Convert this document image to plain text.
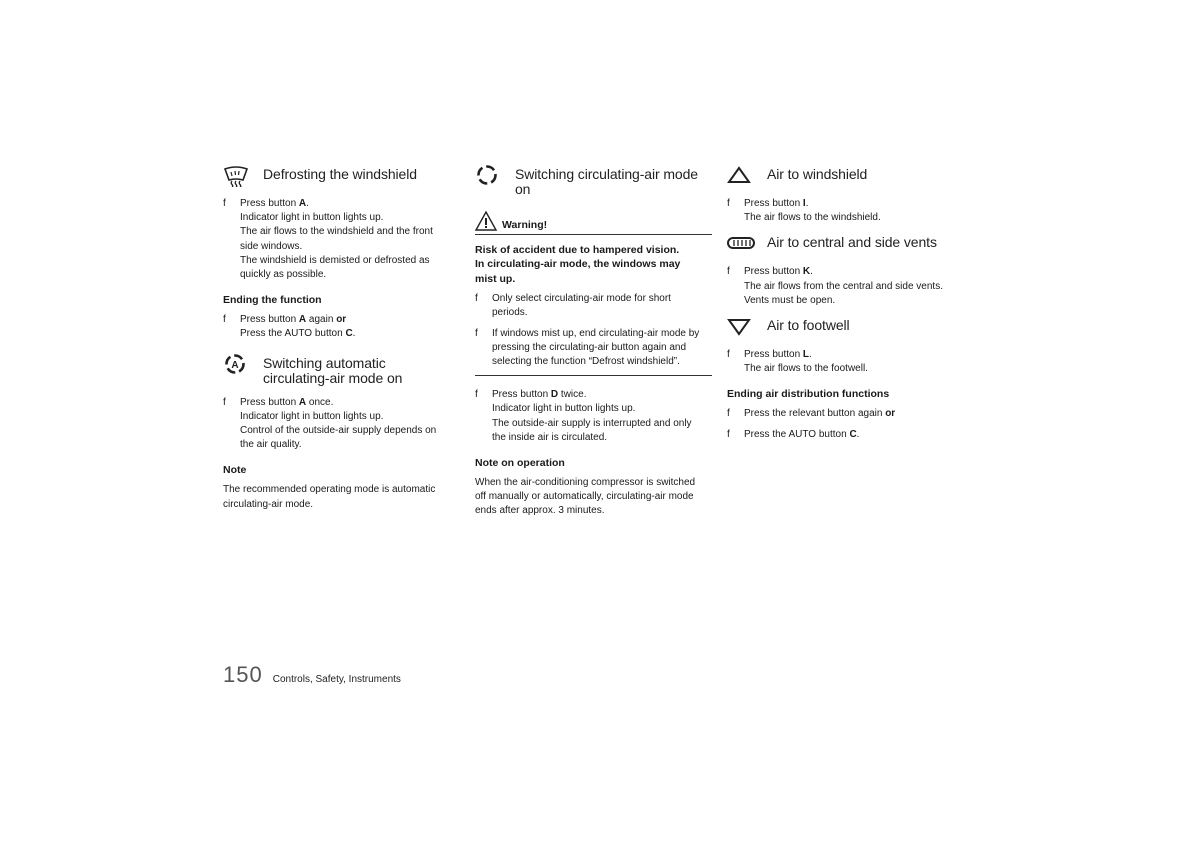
Defrosting the windshield
f Press button A.
Indicator light in button lights up.
The air flows to the windshield and the front
side windows.
The windshield is demisted or defrosted as
quickly as possible.
Ending the function
f Press button A again or
Press the AUTO button C.
A Switching automatic
circulating-air mode on
f Press button A once.
Indicator light in button lights up.
Control of the outside-air supply depends on
the air quality.
Note
The recommended operating mode is automatic
circulating-air mode.
Switching circulating-air mode on
Warning!
Risk of accident due to hampered vision.
In circulating-air mode, the windows may
mist up.
f Only select circulating-air mode for short
periods.
f If windows mist up, end circulating-air mode by
pressing the circulating-air button again and
selecting the function “Defrost windshield”.
f Press button D twice.
Indicator light in button lights up.
The outside-air supply is interrupted and only
the inside air is circulated.
Note on operation
When the air-conditioning compressor is switched
off manually or automatically, circulating-air mode
ends after approx. 3 minutes.
Air to windshield
f Press button I.
The air flows to the windshield.
Air to central and side vents
f Press button K.
The air flows from the central and side vents.
Vents must be open.
Air to footwell
f Press button L.
The air flows to the footwell.
Ending air distribution functions
f Press the relevant button again or
f Press the AUTO button C.
150 Controls, Safety, Instruments
